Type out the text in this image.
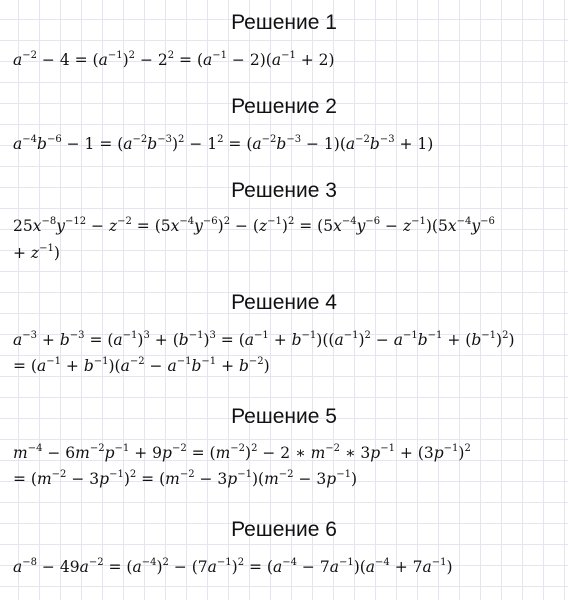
Решение 1
$a^{-2} - 4 = (a^{-1})^2 - 2^2 = (a^{-1} - 2)(a^{-1} + 2)$
Решение 2
$a^{-4}b^{-6} - 1 = (a^{-2}b^{-3})^2 - 1^2 = (a^{-2}b^{-3} - 1)(a^{-2}b^{-3} + 1)$
Решение 3
$25x^{-8}y^{-12} - z^{-2} = (5x^{-4}y^{-6})^2 - (z^{-1})^2 = (5x^{-4}y^{-6} - z^{-1})(5x^{-4}y^{-6}$
+ $z^{-1}$)
Решение 4
$a^{-3} + b^{-3} = (a^{-1})^3 + (b^{-1})^3 = (a^{-1} + b^{-1})((a^{-1})^2 - a^{-1}b^{-1} + (b^{-1})^2)$
= $(a^{-1} + b^{-1})(a^{-2} - a^{-1}b^{-1} + b^{-2})$
Решение 5
$m^{-4} - 6m^{-2}p^{-1} + 9p^{-2} = (m^{-2})^2 - 2$ ∗ $m^{-2}$ ∗ $3p^{-1} + (3p^{-1})^2$
= $(m^{-2} - 3p^{-1})^2 = (m^{-2} - 3p^{-1})(m^{-2} - 3p^{-1})$
Решение 6
$a^{-8} - 49a^{-2} = (a^{-4})^2 - (7a^{-1})^2 = (a^{-4} - 7a^{-1})(a^{-4} + 7a^{-1})$
